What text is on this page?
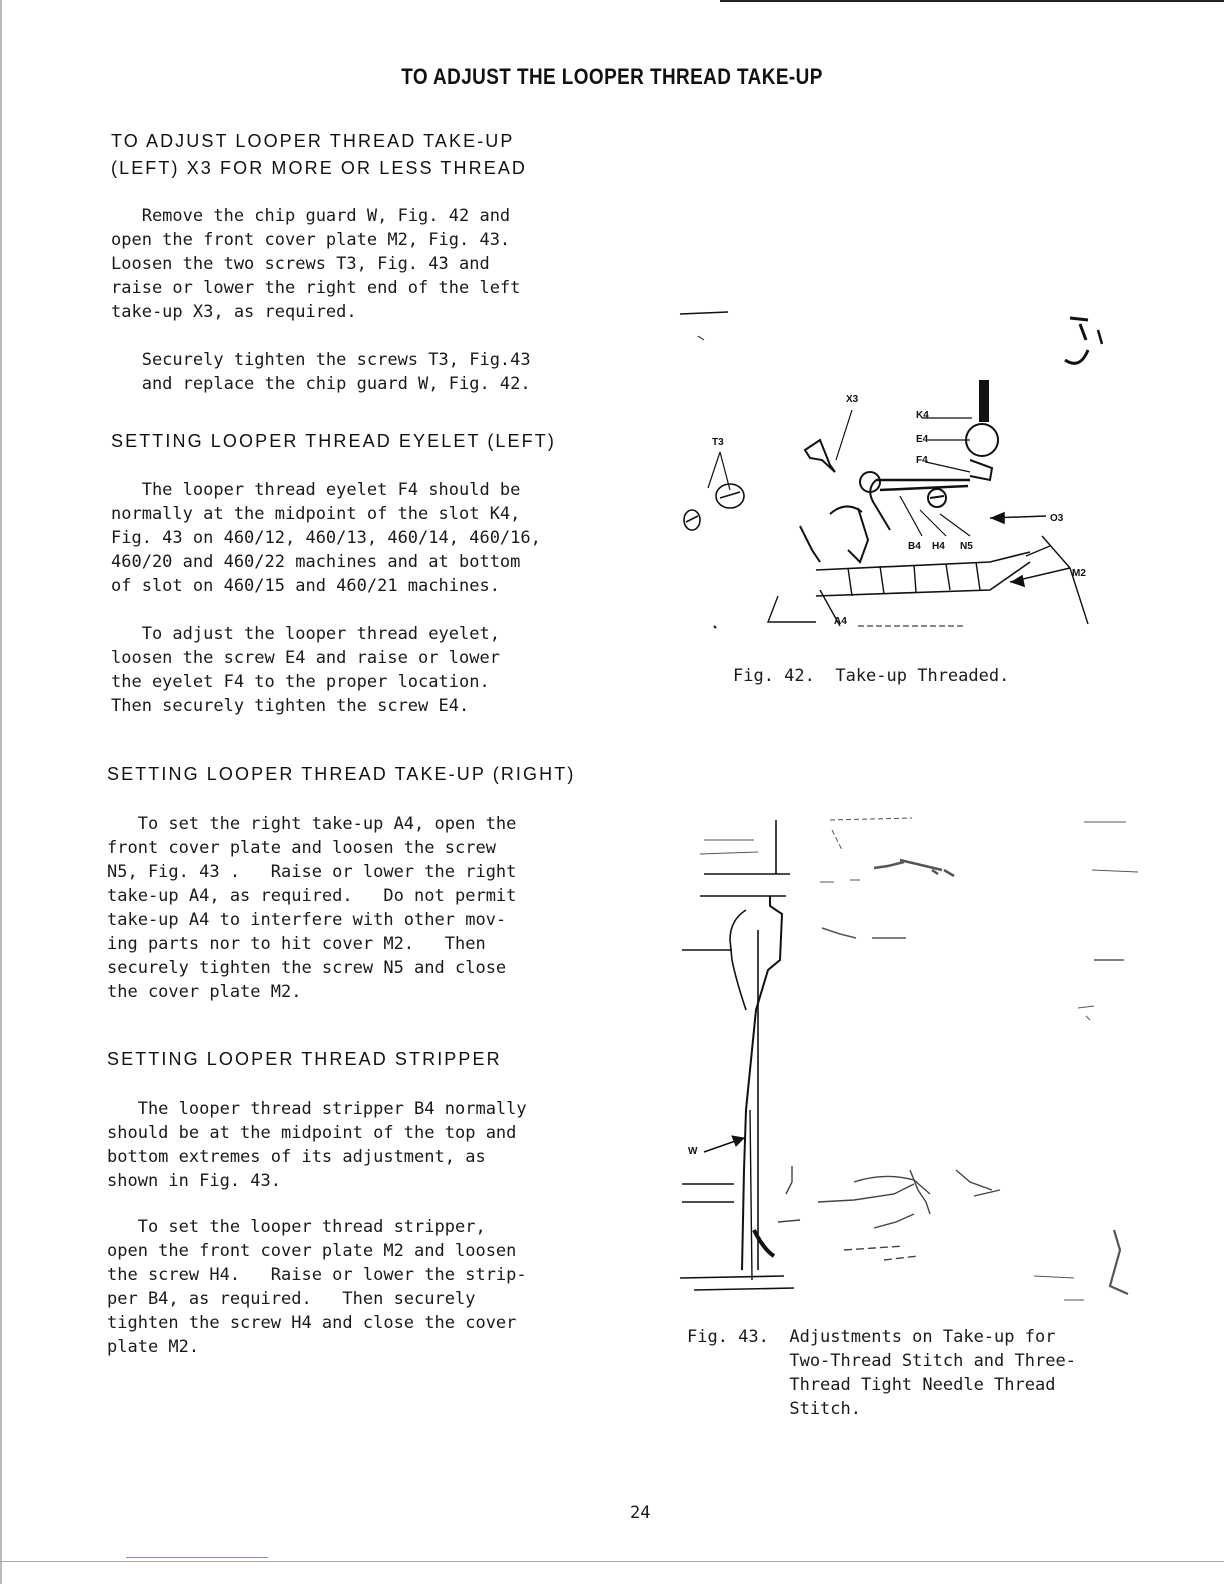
TO ADJUST THE LOOPER THREAD TAKE-UP
TO ADJUST LOOPER THREAD TAKE-UP
(LEFT) X3 FOR MORE OR LESS THREAD
Remove the chip guard W, Fig. 42 and
open the front cover plate M2, Fig. 43.
Loosen the two screws T3, Fig. 43 and
raise or lower the right end of the left
take-up X3, as required.
Securely tighten the screws T3, Fig.43
and replace the chip guard W, Fig. 42.
SETTING LOOPER THREAD EYELET (LEFT)
The looper thread eyelet F4 should be
normally at the midpoint of the slot K4,
Fig. 43 on 460/12, 460/13, 460/14, 460/16,
460/20 and 460/22 machines and at bottom
of slot on 460/15 and 460/21 machines.
To adjust the looper thread eyelet,
loosen the screw E4 and raise or lower
the eyelet F4 to the proper location.
Then securely tighten the screw E4.
SETTING LOOPER THREAD TAKE-UP (RIGHT)
To set the right take-up A4, open the
front cover plate and loosen the screw
N5, Fig. 43 .   Raise or lower the right
take-up A4, as required.   Do not permit
take-up A4 to interfere with other mov-
ing parts nor to hit cover M2.   Then
securely tighten the screw N5 and close
the cover plate M2.
SETTING LOOPER THREAD STRIPPER
The looper thread stripper B4 normally
should be at the midpoint of the top and
bottom extremes of its adjustment, as
shown in Fig. 43.
To set the looper thread stripper,
open the front cover plate M2 and loosen
the screw H4.   Raise or lower the strip-
per B4, as required.   Then securely
tighten the screw H4 and close the cover
plate M2.
X3
T3
K4
E4
F4
O3
B4 H4 N5
M2
A4
Fig. 42.  Take-up Threaded.
W
Fig. 43.  Adjustments on Take-up for
Two-Thread Stitch and Three-
Thread Tight Needle Thread
Stitch.
24
